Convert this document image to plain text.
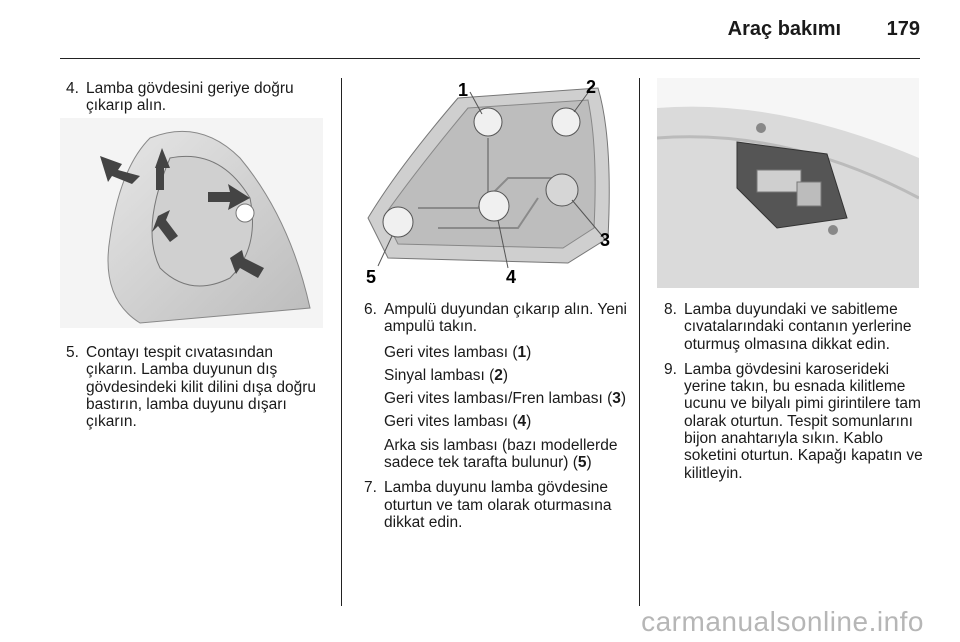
Araç bakımı 179
4. Lamba gövdesini geriye doğru çıkarıp alın.
5. Contayı tespit cıvatasından çıkarın. Lamba duyunun dış gövdesindeki kilit dilini dışa doğru bastırın, lamba duyunu dışarı çıkarın.
1	2
3
4
5
6. Ampulü duyundan çıkarıp alın. Yeni ampulü takın.
Geri vites lambası (1)
Sinyal lambası (2)
Geri vites lambası/Fren lambası (3)
Geri vites lambası (4)
Arka sis lambası (bazı modellerde sadece tek tarafta bulunur) (5)
7. Lamba duyunu lamba gövdesine oturtun ve tam olarak oturmasına dikkat edin.
8. Lamba duyundaki ve sabitleme cıvatalarındaki contanın yerlerine oturmuş olmasına dikkat edin.
9. Lamba gövdesini karoserideki yerine takın, bu esnada kilitleme ucunu ve bilyalı pimi girintilere tam olarak oturtun. Tespit somunlarını bijon anahtarıyla sıkın. Kablo soketini oturtun. Kapağı kapatın ve kilitleyin.
carmanualsonline.info
